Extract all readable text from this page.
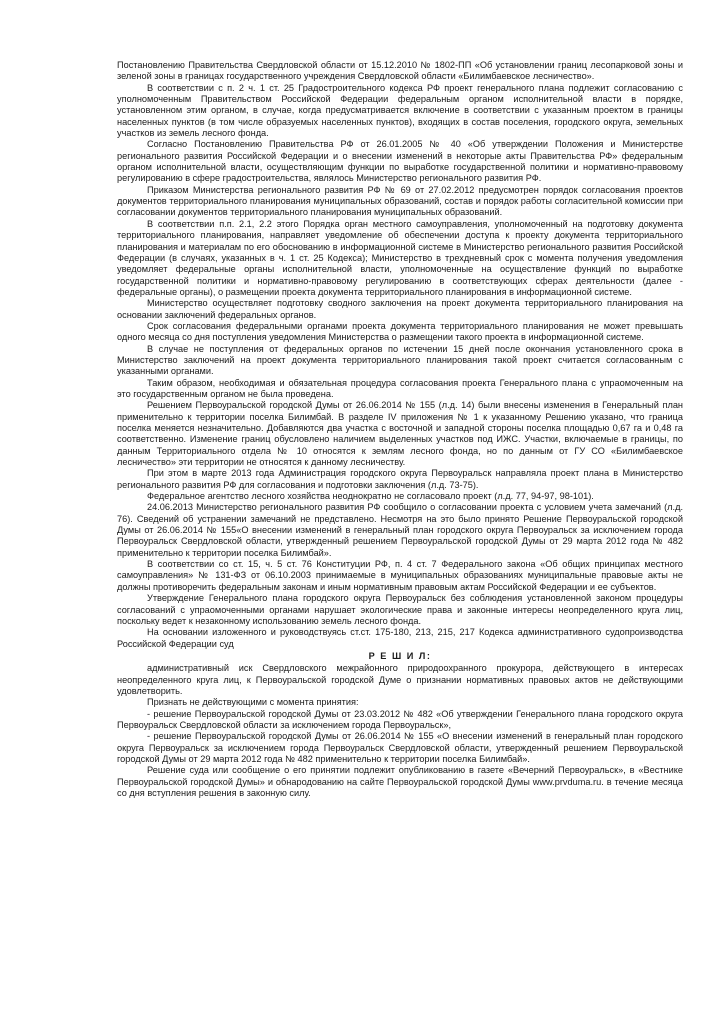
Постановлению Правительства Свердловской области от 15.12.2010 № 1802-ПП «Об установлении границ лесопарковой зоны и зеленой зоны в границах государственного учреждения Свердловской области «Билимбаевское лесничество».

В соответствии с п. 2 ч. 1 ст. 25 Градостроительного кодекса РФ проект генерального плана подлежит согласованию с уполномоченным Правительством Российской Федерации федеральным органом исполнительной власти в порядке, установленном этим органом, в случае, когда предусматривается включение в соответствии с указанным проектом в границы населенных пунктов (в том числе образуемых населенных пунктов), входящих в состав поселения, городского округа, земельных участков из земель лесного фонда.

Согласно Постановлению Правительства РФ от 26.01.2005 № 40 «Об утверждении Положения и Министерстве регионального развития Российской Федерации и о внесении изменений в некоторые акты Правительства РФ» федеральным органом исполнительной власти, осуществляющим функции по выработке государственной политики и нормативно-правовому регулированию в сфере градостроительства, являлось Министерство регионального развития РФ.

Приказом Министерства регионального развития РФ № 69 от 27.02.2012 предусмотрен порядок согласования проектов документов территориального планирования муниципальных образований, состав и порядок работы согласительной комиссии при согласовании документов территориального планирования муниципальных образований.

В соответствии п.п. 2.1, 2.2 этого Порядка орган местного самоуправления, уполномоченный на подготовку документа территориального планирования, направляет уведомление об обеспечении доступа к проекту документа территориального планирования и материалам по его обоснованию в информационной системе в Министерство регионального развития Российской Федерации (в случаях, указанных в ч. 1 ст. 25 Кодекса); Министерство в трехдневный срок с момента получения уведомления уведомляет федеральные органы исполнительной власти, уполномоченные на осуществление функций по выработке государственной политики и нормативно-правовому регулированию в соответствующих сферах деятельности (далее - федеральные органы), о размещении проекта документа территориального планирования в информационной системе.

Министерство осуществляет подготовку сводного заключения на проект документа территориального планирования на основании заключений федеральных органов.

Срок согласования федеральными органами проекта документа территориального планирования не может превышать одного месяца со дня поступления уведомления Министерства о размещении такого проекта в информационной системе.

В случае не поступления от федеральных органов по истечении 15 дней после окончания установленного срока в Министерство заключений на проект документа территориального планирования такой проект считается согласованным с указанными органами.

Таким образом, необходимая и обязательная процедура согласования проекта Генерального плана с упраомоченным на это государственным органом не была проведена.

Решением Первоуральской городской Думы от 26.06.2014 № 155 (л.д. 14) были внесены изменения в Генеральный план применительно к территории поселка Билимбай. В разделе IV приложения № 1 к указанному Решению указано, что граница поселка меняется незначительно. Добавляются два участка с восточной и западной стороны поселка площадью 0,67 га и 0,48 га соответственно. Изменение границ обусловлено наличием выделенных участков под ИЖС. Участки, включаемые в границы, по данным Территориального отдела № 10 относятся к землям лесного фонда, но по данным от ГУ СО «Билимбаевское лесничество» эти территории не относятся к данному лесничеству.

При этом в марте 2013 года Администрация городского округа Первоуральск направляла проект плана в Министерство регионального развития РФ для согласования и подготовки заключения (л.д. 73-75).

Федеральное агентство лесного хозяйства неоднократно не согласовало проект (л.д. 77, 94-97, 98-101).

24.06.2013 Министерство регионального развития РФ сообщило о согласовании проекта с условием учета замечаний (л.д. 76). Сведений об устранении замечаний не представлено. Несмотря на это было принято Решение Первоуральской городской Думы от 26.06.2014 № 155«О внесении изменений в генеральный план городского округа Первоуральск за исключением города Первоуральск Свердловской области, утвержденный решением Первоуральской городской Думы от 29 марта 2012 года № 482 применительно к территории поселка Билимбай».

В соответствии со ст. 15, ч. 5 ст. 76 Конституции РФ, п. 4 ст. 7 Федерального закона «Об общих принципах местного самоуправления» № 131-ФЗ от 06.10.2003 принимаемые в муниципальных образованиях муниципальные правовые акты не должны противоречить федеральным законам и иным нормативным правовым актам Российской Федерации и ее субъектов.

Утверждение Генерального плана городского округа Первоуральск без соблюдения установленной законом процедуры согласований с упраомоченными органами нарушает экологические права и законные интересы неопределенного круга лиц, поскольку ведет к незаконному использованию земель лесного фонда.

На основании изложенного и руководствуясь ст.ст. 175-180, 213, 215, 217 Кодекса административного судопроизводства Российской Федерации суд

Р Е Ш И Л:

административный иск Свердловского межрайонного природоохранного прокурора, действующего в интересах неопределенного круга лиц, к Первоуральской городской Думе о признании нормативных правовых актов не действующими удовлетворить.

Признать не действующими с момента принятия:

- решение Первоуральской городской Думы от 23.03.2012 № 482 «Об утверждении Генерального плана городского округа Первоуральск Свердловской области за исключением города Первоуральск»,

- решение Первоуральской городской Думы от 26.06.2014 № 155 «О внесении изменений в генеральный план городского округа Первоуральск за исключением города Первоуральск Свердловской области, утвержденный решением Первоуральской городской Думы от 29 марта 2012 года № 482 применительно к территории поселка Билимбай».

Решение суда или сообщение о его принятии подлежит опубликованию в газете «Вечерний Первоуральск», в «Вестнике Первоуральской городской Думы» и обнародованию на сайте Первоуральской городской Думы www.prvduma.ru. в течение месяца со дня вступления решения в законную силу.
